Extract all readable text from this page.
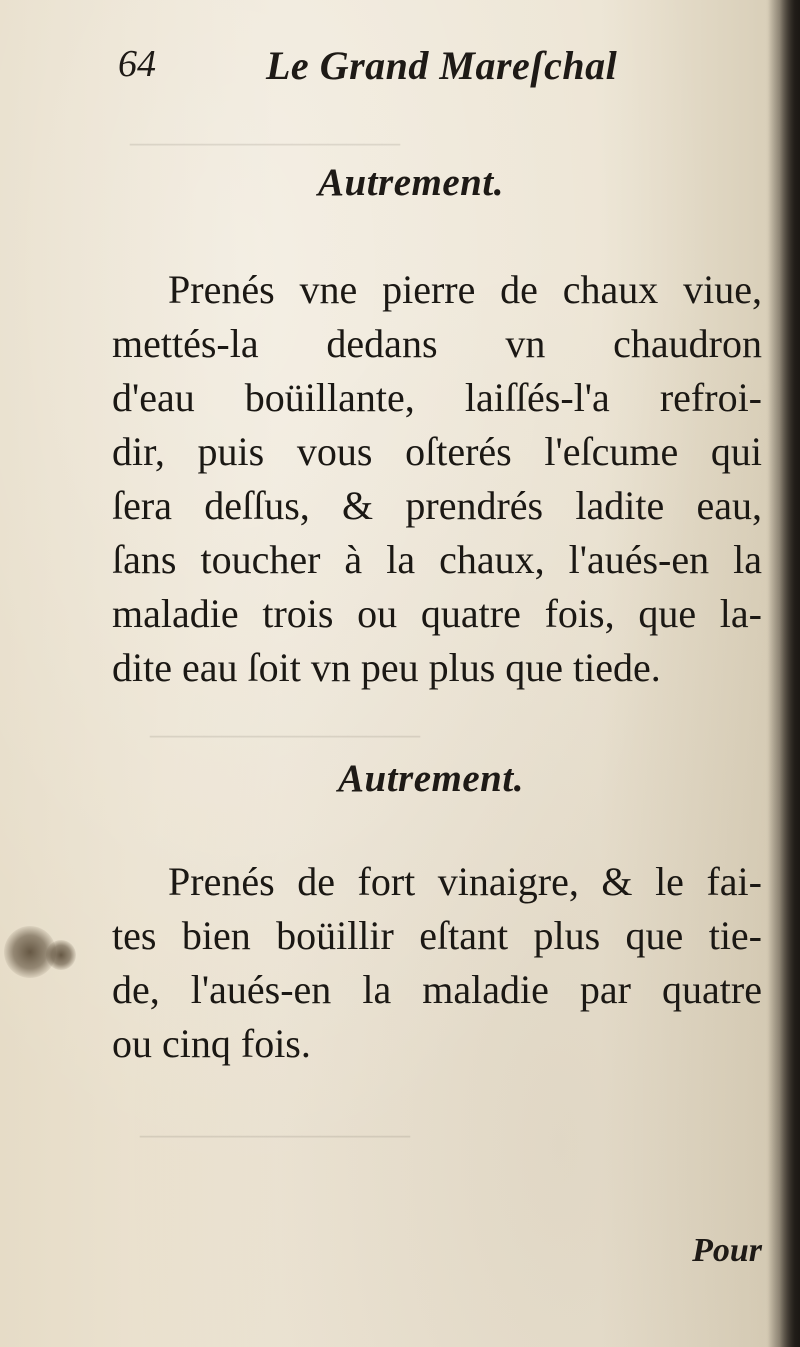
_______________
_______________
_______________
64	Le Grand Mareſchal
Autrement.
Prenés vne pierre de chaux viue,
mettés-la dedans vn chaudron
d'eau boüillante, laiſſés-l'a refroi-
dir, puis vous oſterés l'eſcume qui
ſera deſſus, & prendrés ladite eau,
ſans toucher à la chaux, l'aués-en la
maladie trois ou quatre fois, que la-
dite eau ſoit vn peu plus que tiede.
Autrement.
Prenés de fort vinaigre, & le fai-
tes bien boüillir eſtant plus que tie-
de, l'aués-en la maladie par quatre
ou cinq fois.
Pour
